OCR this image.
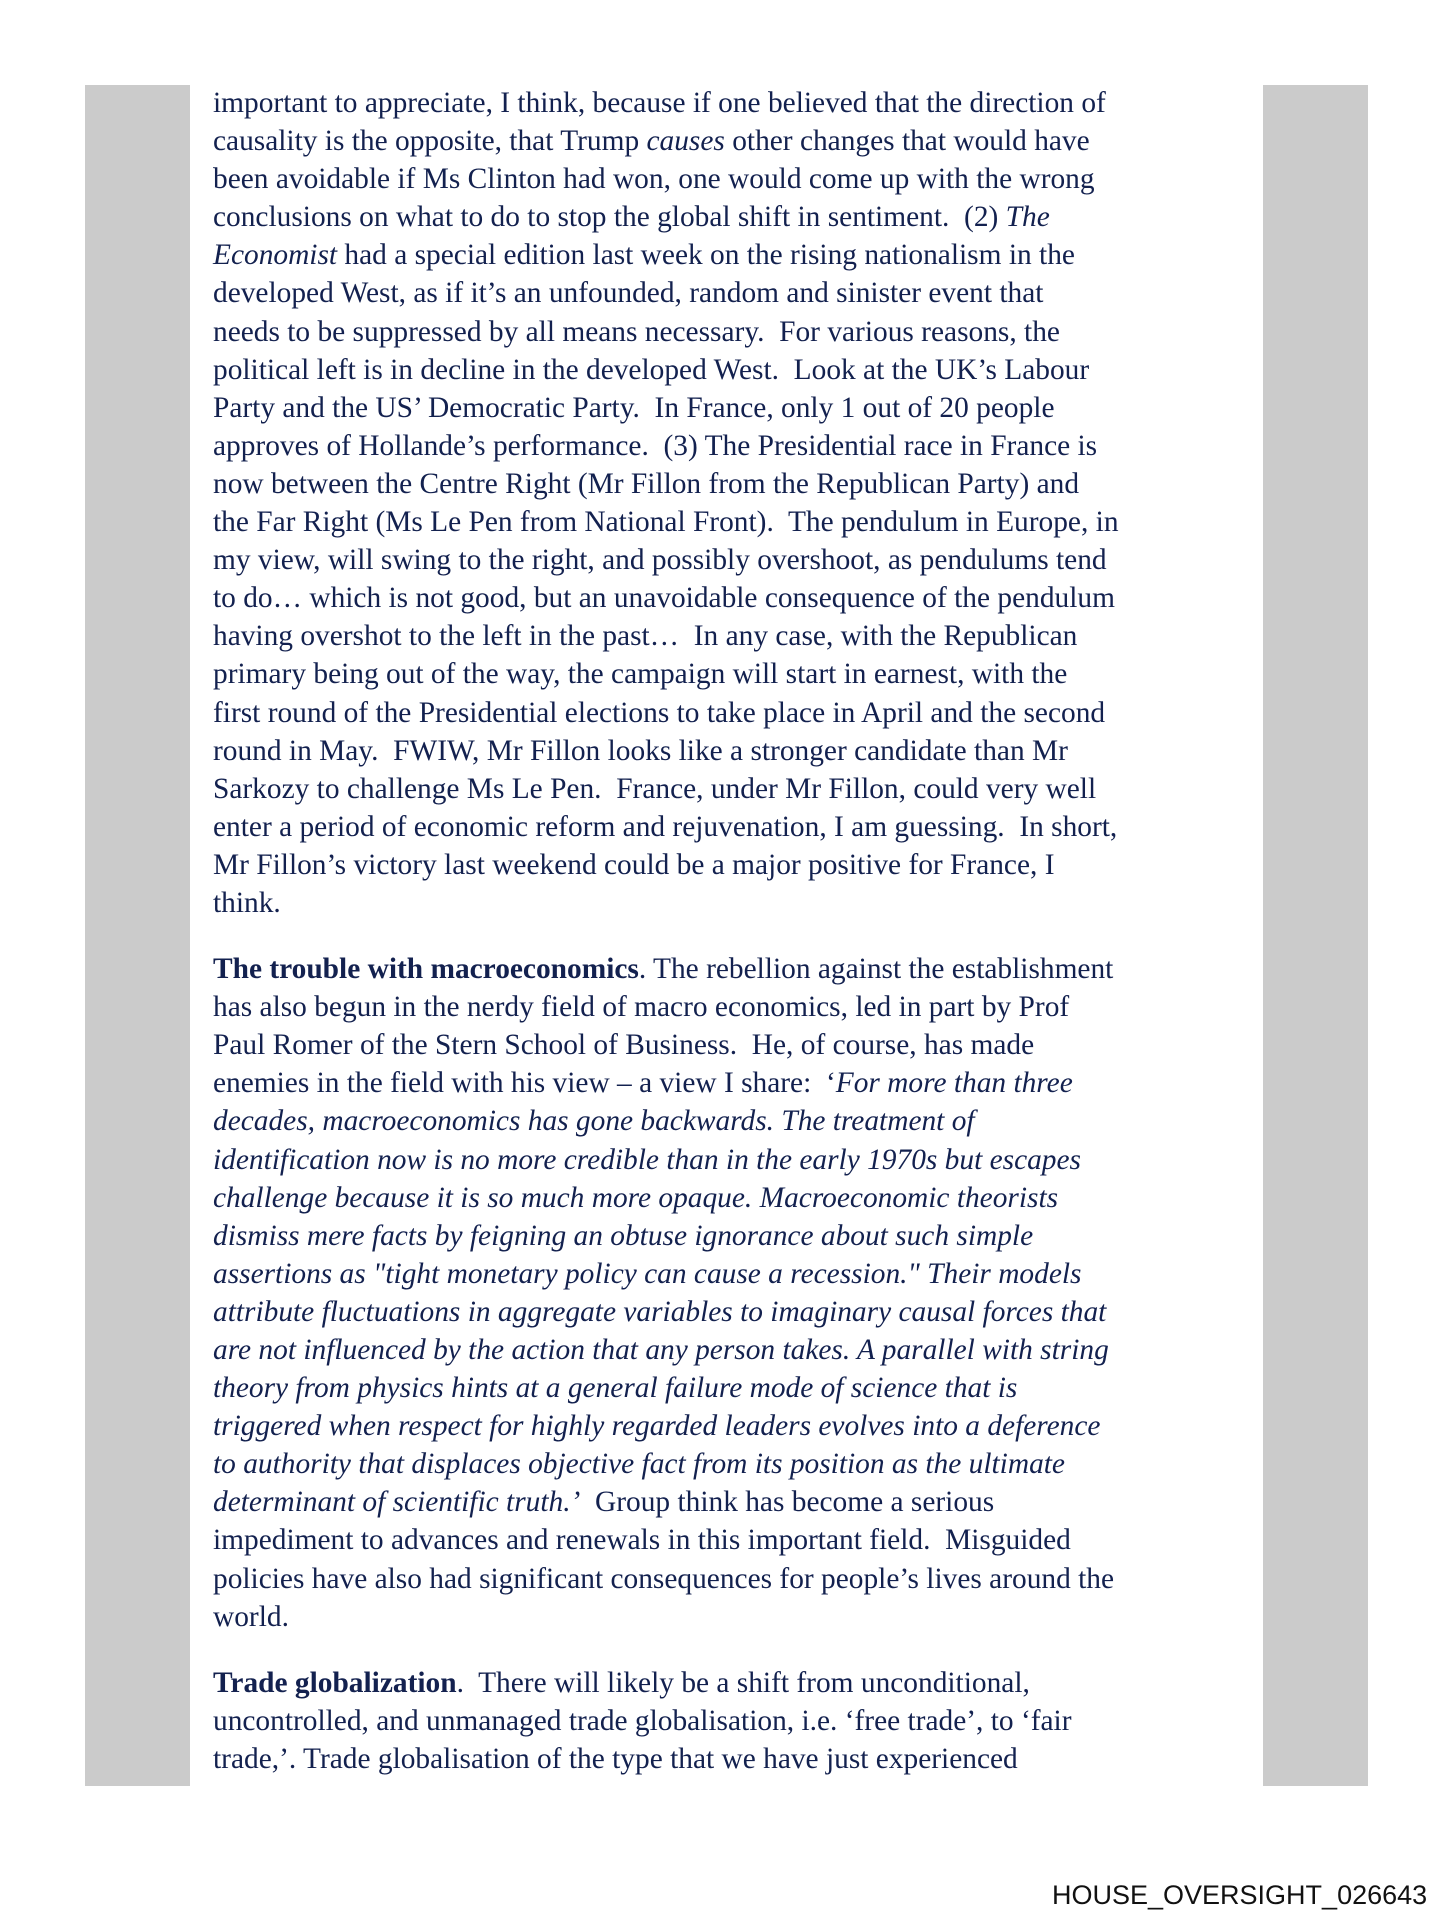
important to appreciate, I think, because if one believed that the direction of
causality is the opposite, that Trump causes other changes that would have
been avoidable if Ms Clinton had won, one would come up with the wrong
conclusions on what to do to stop the global shift in sentiment.  (2) The
Economist had a special edition last week on the rising nationalism in the
developed West, as if it’s an unfounded, random and sinister event that
needs to be suppressed by all means necessary.  For various reasons, the
political left is in decline in the developed West.  Look at the UK’s Labour
Party and the US’ Democratic Party.  In France, only 1 out of 20 people
approves of Hollande’s performance.  (3) The Presidential race in France is
now between the Centre Right (Mr Fillon from the Republican Party) and
the Far Right (Ms Le Pen from National Front).  The pendulum in Europe, in
my view, will swing to the right, and possibly overshoot, as pendulums tend
to do… which is not good, but an unavoidable consequence of the pendulum
having overshot to the left in the past…  In any case, with the Republican
primary being out of the way, the campaign will start in earnest, with the
first round of the Presidential elections to take place in April and the second
round in May.  FWIW, Mr Fillon looks like a stronger candidate than Mr
Sarkozy to challenge Ms Le Pen.  France, under Mr Fillon, could very well
enter a period of economic reform and rejuvenation, I am guessing.  In short,
Mr Fillon’s victory last weekend could be a major positive for France, I
think.
The trouble with macroeconomics. The rebellion against the establishment
has also begun in the nerdy field of macro economics, led in part by Prof
Paul Romer of the Stern School of Business.  He, of course, has made
enemies in the field with his view – a view I share:  ‘For more than three
decades, macroeconomics has gone backwards. The treatment of
identification now is no more credible than in the early 1970s but escapes
challenge because it is so much more opaque. Macroeconomic theorists
dismiss mere facts by feigning an obtuse ignorance about such simple
assertions as "tight monetary policy can cause a recession." Their models
attribute fluctuations in aggregate variables to imaginary causal forces that
are not influenced by the action that any person takes. A parallel with string
theory from physics hints at a general failure mode of science that is
triggered when respect for highly regarded leaders evolves into a deference
to authority that displaces objective fact from its position as the ultimate
determinant of scientific truth.’  Group think has become a serious
impediment to advances and renewals in this important field.  Misguided
policies have also had significant consequences for people’s lives around the
world.
Trade globalization.  There will likely be a shift from unconditional,
uncontrolled, and unmanaged trade globalisation, i.e. ‘free trade’, to ‘fair
trade,’. Trade globalisation of the type that we have just experienced
HOUSE_OVERSIGHT_026643
